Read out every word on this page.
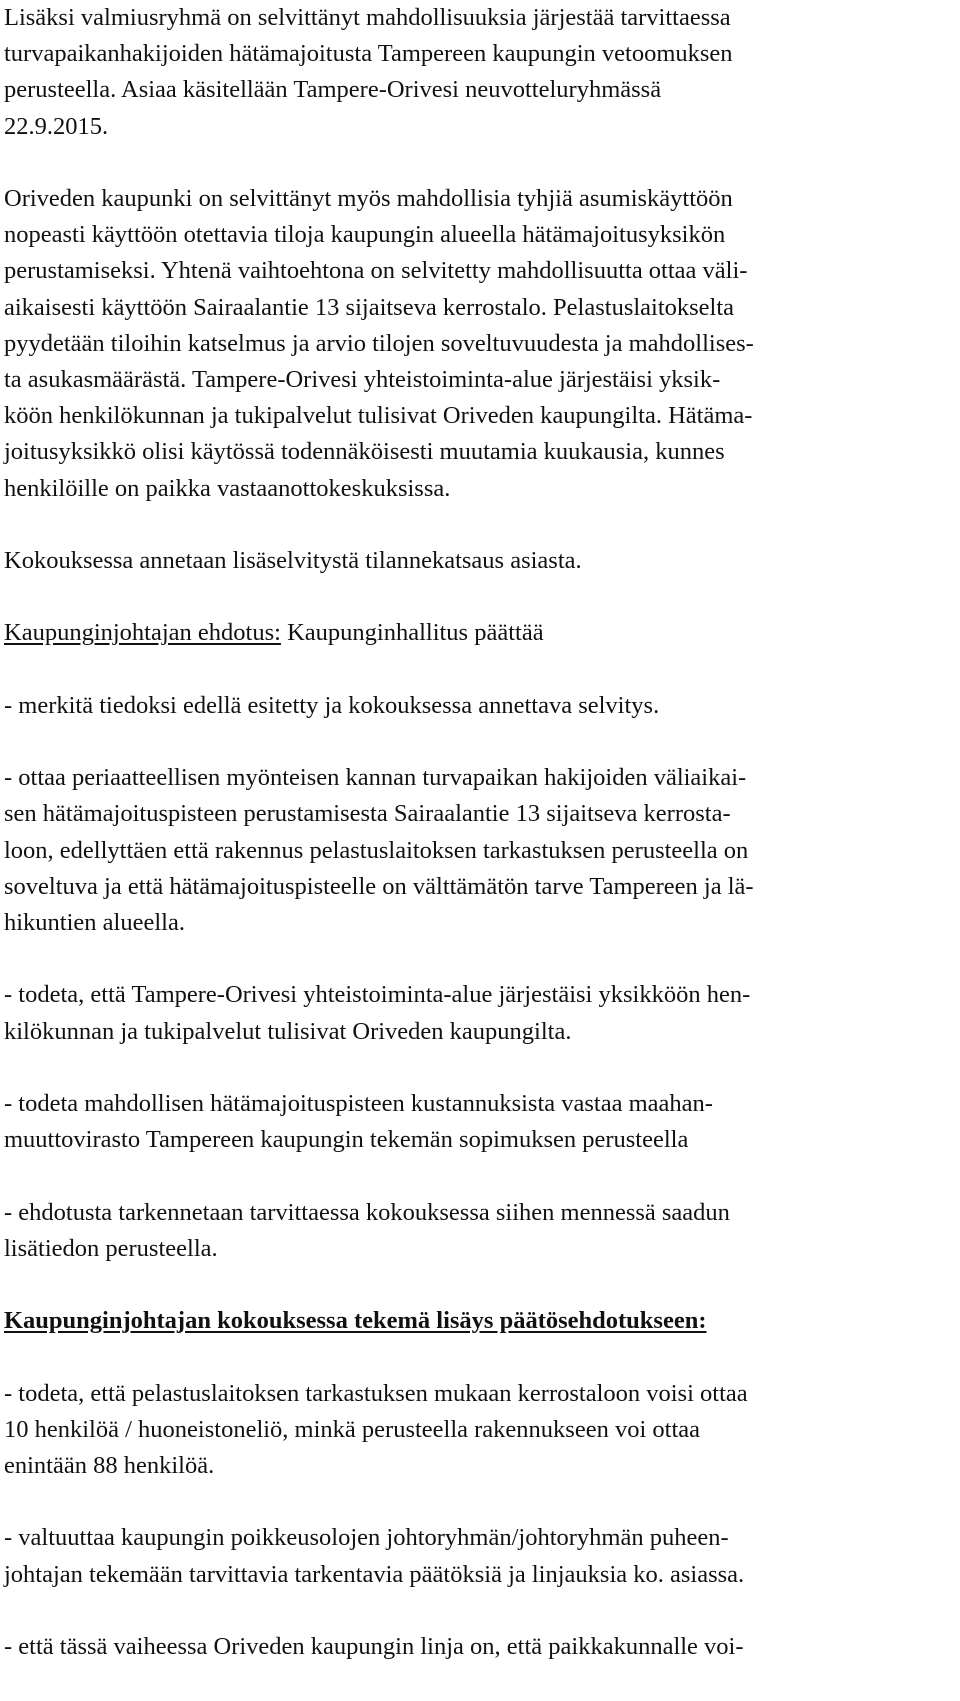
Lisäksi valmiusryhmä on selvittänyt mahdollisuuksia järjestää tarvittaessa
turvapaikanhakijoiden hätämajoitusta Tampereen kaupungin vetoomuksen
perusteella. Asiaa käsitellään Tampere-Orivesi neuvotteluryhmässä
22.9.2015.

Oriveden kaupunki on selvittänyt myös mahdollisia tyhjiä asumiskäyttöön
nopeasti käyttöön otettavia tiloja kaupungin alueella hätämajoitusyksikön
perustamiseksi. Yhtenä vaihtoehtona on selvitetty mahdollisuutta ottaa väli-
aikaisesti käyttöön Sairaalantie 13 sijaitseva kerrostalo. Pelastuslaitokselta
pyydetään tiloihin katselmus ja arvio tilojen soveltuvuudesta ja mahdollises-
ta asukasmäärästä. Tampere-Orivesi yhteistoiminta-alue järjestäisi yksik-
köön henkilökunnan ja tukipalvelut tulisivat Oriveden kaupungilta. Hätäma-
joitusyksikkö olisi käytössä todennäköisesti muutamia kuukausia, kunnes
henkilöille on paikka vastaanottokeskuksissa.

Kokouksessa annetaan lisäselvitystä tilannekatsaus asiasta.

Kaupunginjohtajan ehdotus: Kaupunginhallitus päättää

- merkitä tiedoksi edellä esitetty ja kokouksessa annettava selvitys.

- ottaa periaatteellisen myönteisen kannan turvapaikan hakijoiden väliaikai-
sen hätämajoituspisteen perustamisesta Sairaalantie 13 sijaitseva kerrosta-
loon, edellyttäen että rakennus pelastuslaitoksen tarkastuksen perusteella on
soveltuva ja että hätämajoituspisteelle on välttämätön tarve Tampereen ja lä-
hikuntien alueella.

- todeta, että Tampere-Orivesi yhteistoiminta-alue järjestäisi yksikköön hen-
kilökunnan ja tukipalvelut tulisivat Oriveden kaupungilta.

- todeta mahdollisen hätämajoituspisteen kustannuksista vastaa maahan-
muuttovirasto Tampereen kaupungin tekemän sopimuksen perusteella

- ehdotusta tarkennetaan tarvittaessa kokouksessa siihen mennessä saadun
lisätiedon perusteella.

Kaupunginjohtajan kokouksessa tekemä lisäys päätösehdotukseen:

- todeta, että pelastuslaitoksen tarkastuksen mukaan kerrostaloon voisi ottaa
10 henkilöä / huoneistoneliö, minkä perusteella rakennukseen voi ottaa
enintään 88 henkilöä.

- valtuuttaa kaupungin poikkeusolojen johtoryhmän/johtoryhmän puheen-
johtajan tekemään tarvittavia tarkentavia päätöksiä ja linjauksia ko. asiassa.

- että tässä vaiheessa Oriveden kaupungin linja on, että paikkakunnalle voi-
